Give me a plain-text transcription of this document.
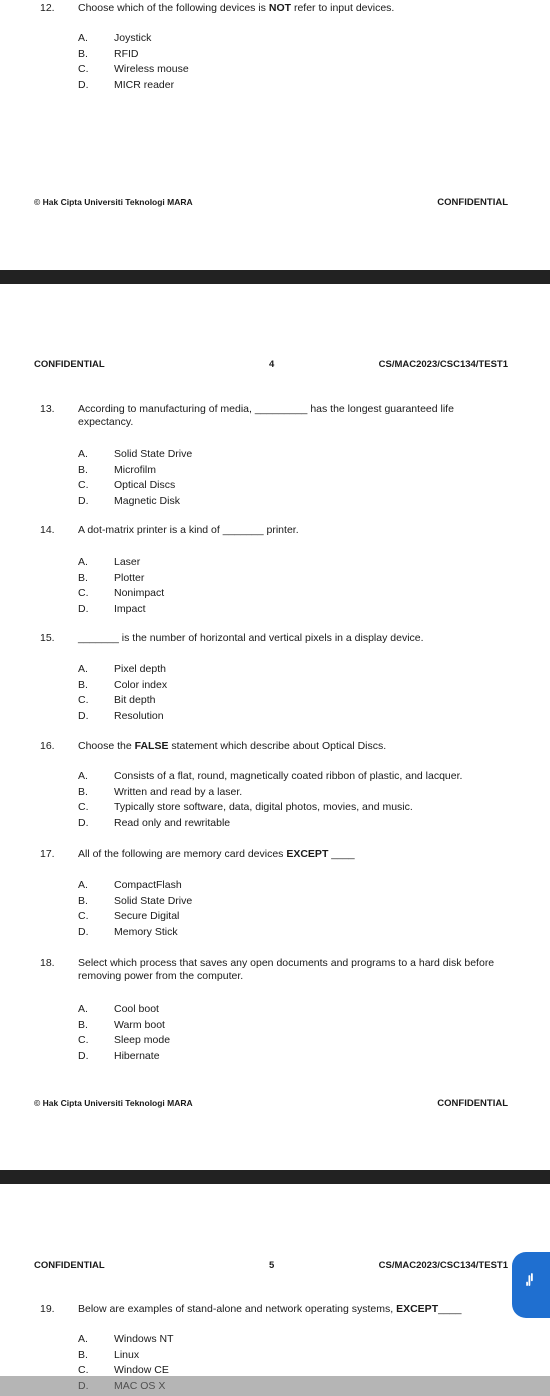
12. Choose which of the following devices is NOT refer to input devices.
A. Joystick
B. RFID
C. Wireless mouse
D. MICR reader
© Hak Cipta Universiti Teknologi MARA	CONFIDENTIAL
CONFIDENTIAL	4	CS/MAC2023/CSC134/TEST1
13. According to manufacturing of media, _________ has the longest guaranteed life expectancy.
A. Solid State Drive
B. Microfilm
C. Optical Discs
D. Magnetic Disk
14. A dot-matrix printer is a kind of _______ printer.
A. Laser
B. Plotter
C. Nonimpact
D. Impact
15. _______ is the number of horizontal and vertical pixels in a display device.
A. Pixel depth
B. Color index
C. Bit depth
D. Resolution
16. Choose the FALSE statement which describe about Optical Discs.
A. Consists of a flat, round, magnetically coated ribbon of plastic, and lacquer.
B. Written and read by a laser.
C. Typically store software, data, digital photos, movies, and music.
D. Read only and rewritable
17. All of the following are memory card devices EXCEPT ____
A. CompactFlash
B. Solid State Drive
C. Secure Digital
D. Memory Stick
18. Select which process that saves any open documents and programs to a hard disk before removing power from the computer.
A. Cool boot
B. Warm boot
C. Sleep mode
D. Hibernate
© Hak Cipta Universiti Teknologi MARA	CONFIDENTIAL
CONFIDENTIAL	5	CS/MAC2023/CSC134/TEST1
19. Below are examples of stand-alone and network operating systems, EXCEPT____
A. Windows NT
B. Linux
C. Window CE
ᯓ
